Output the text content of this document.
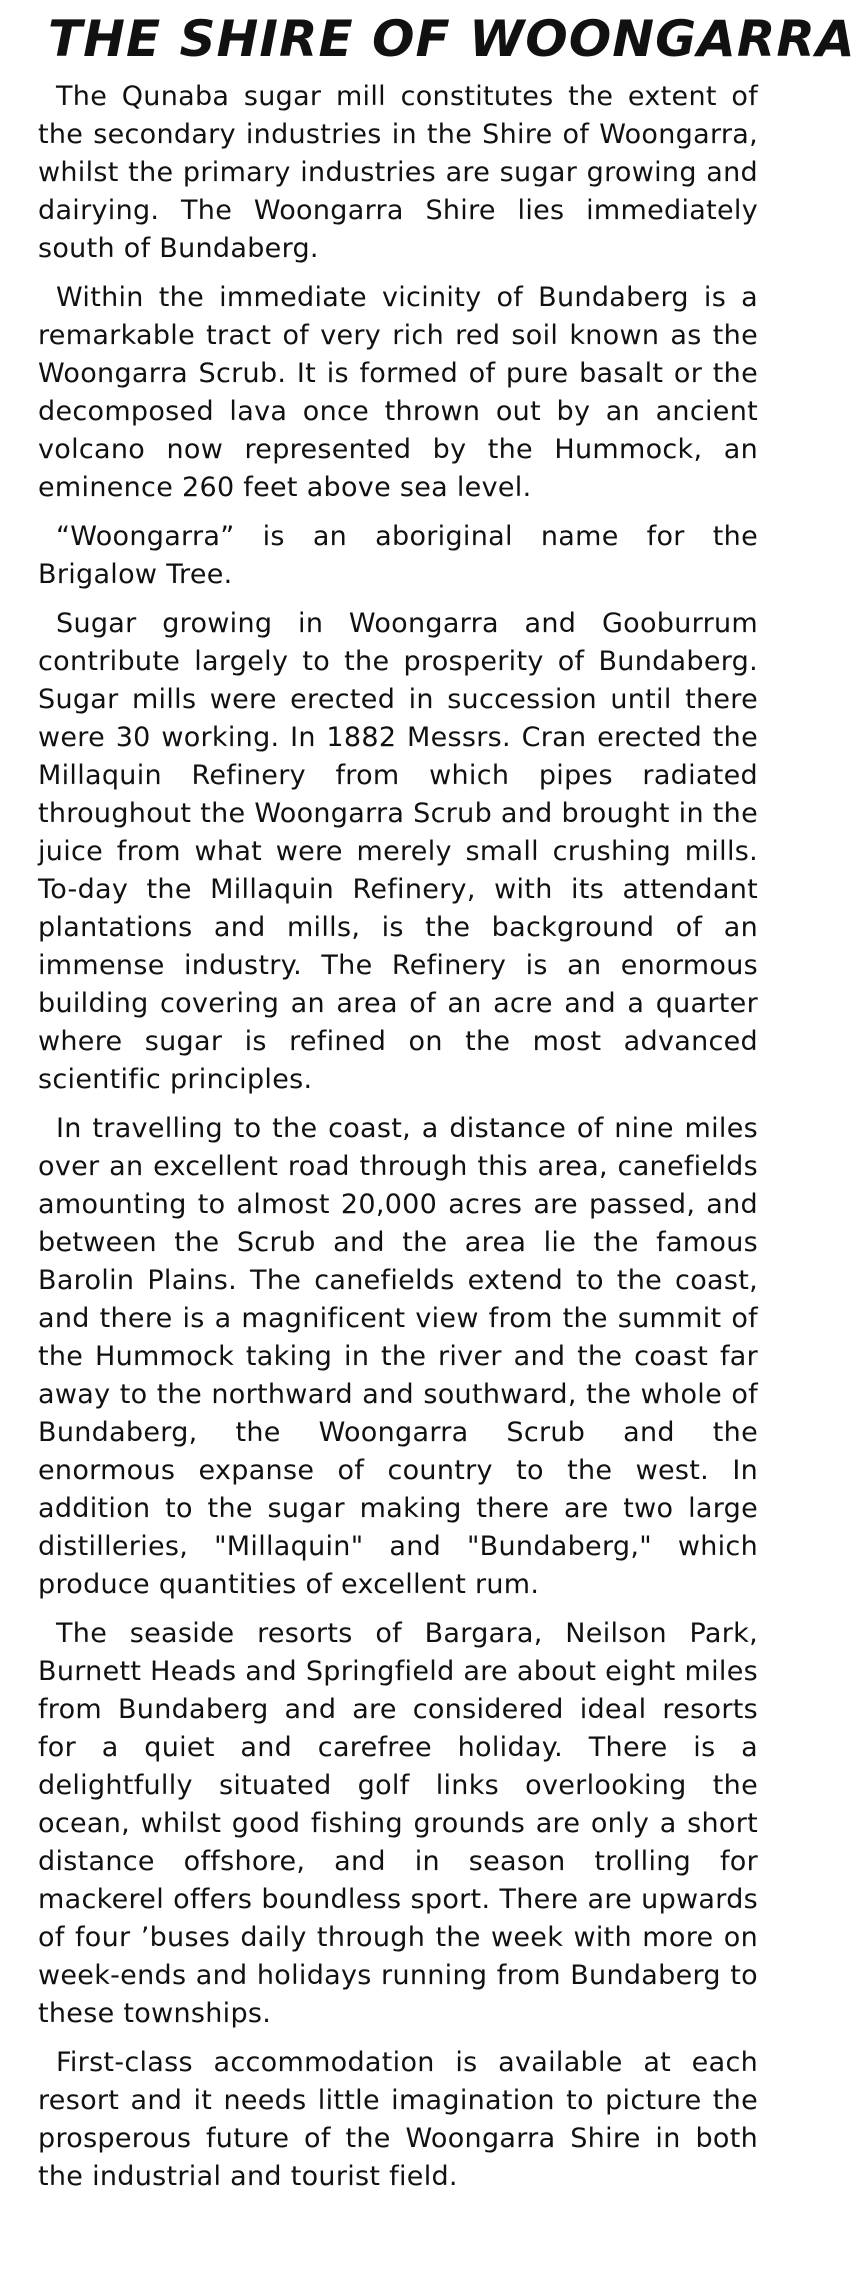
THE SHIRE OF WOONGARRA

The Qunaba sugar mill constitutes the extent of the secondary industries in the Shire of Woongarra, whilst the primary industries are sugar growing and dairying. The Woongarra Shire lies immediately south of Bundaberg.

Within the immediate vicinity of Bundaberg is a remarkable tract of very rich red soil known as the Woongarra Scrub. It is formed of pure basalt or the decomposed lava once thrown out by an ancient volcano now represented by the Hummock, an eminence 260 feet above sea level.

“Woongarra” is an aboriginal name for the Brigalow Tree.

Sugar growing in Woongarra and Gooburrum contribute largely to the prosperity of Bundaberg. Sugar mills were erected in succession until there were 30 working. In 1882 Messrs. Cran erected the Millaquin Refinery from which pipes radiated throughout the Woongarra Scrub and brought in the juice from what were merely small crushing mills. To-day the Millaquin Refinery, with its attendant plantations and mills, is the background of an immense industry. The Refinery is an enormous building covering an area of an acre and a quarter where sugar is refined on the most advanced scientific principles.

In travelling to the coast, a distance of nine miles over an excellent road through this area, canefields amounting to almost 20,000 acres are passed, and between the Scrub and the area lie the famous Barolin Plains. The canefields extend to the coast, and there is a magnificent view from the summit of the Hummock taking in the river and the coast far away to the northward and southward, the whole of Bundaberg, the Woongarra Scrub and the enormous expanse of country to the west. In addition to the sugar making there are two large distilleries, "Millaquin" and "Bundaberg," which produce quantities of excellent rum.

The seaside resorts of Bargara, Neilson Park, Burnett Heads and Springfield are about eight miles from Bundaberg and are considered ideal resorts for a quiet and carefree holiday. There is a delightfully situated golf links overlooking the ocean, whilst good fishing grounds are only a short distance offshore, and in season trolling for mackerel offers boundless sport. There are upwards of four ’buses daily through the week with more on week-ends and holidays running from Bundaberg to these townships.

First-class accommodation is available at each resort and it needs little imagination to picture the prosperous future of the Woongarra Shire in both the industrial and tourist field.
